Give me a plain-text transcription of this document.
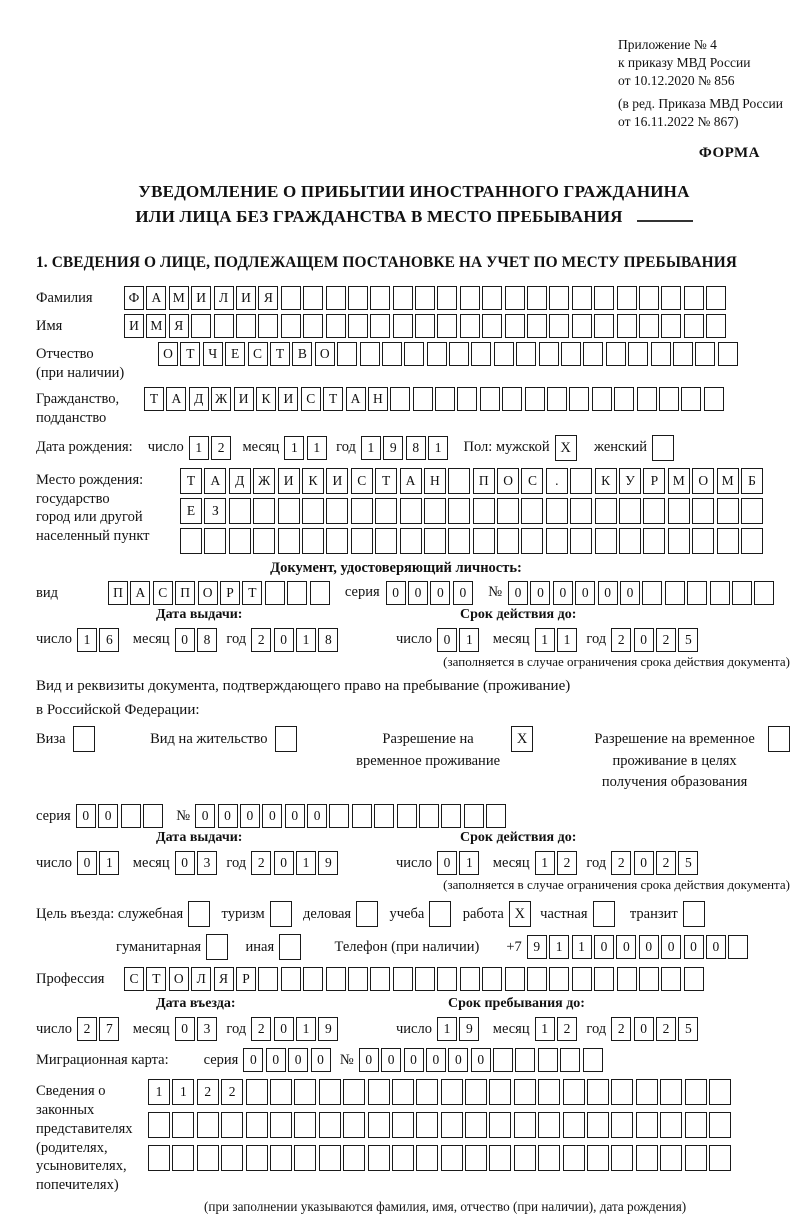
Приложение № 4
к приказу МВД России
от 10.12.2020 № 856
(в ред. Приказа МВД России
от 16.11.2022 № 867)
ФОРМА
УВЕДОМЛЕНИЕ О ПРИБЫТИИ ИНОСТРАННОГО ГРАЖДАНИНА
ИЛИ ЛИЦА БЕЗ ГРАЖДАНСТВА В МЕСТО ПРЕБЫВАНИЯ
1. СВЕДЕНИЯ О ЛИЦЕ, ПОДЛЕЖАЩЕМ ПОСТАНОВКЕ НА УЧЕТ ПО МЕСТУ ПРЕБЫВАНИЯ
Фамилия	Ф А М И Л И Я
Имя	И М Я
Отчество
(при наличии)
О Т	Ч	Е	С	Т	В О
Гражданство,
подданство
Т А Д Ж И К И С	Т А Н
Дата рождения: число 1	2	месяц 1	1	год 1	9	8	1	Пол: мужской X	женский
Место рождения:
государство
город или другой
населенный пункт
Т	А	Д	Ж И	К	И	С	Т	А	Н	П	О	С	.	К	У	Р	М	О	М	Б
Е	З
Документ, удостоверяющий личность:
вид	П А С П О	Р	Т	серия 0	0	0	0	№ 0	0	0	0	0	0
Дата выдачи:	Срок действия до:
число 1	6	месяц 0	8	год 2	0	1	8	число 0	1	месяц 1	1	год 2	0	2	5
(заполняется в случае ограничения срока действия документа)
Вид и реквизиты документа, подтверждающего право на пребывание (проживание)
в Российской Федерации:
Виза	Вид на жительство	Разрешение на временное проживание
X	Разрешение на временное проживание в целях получения образования
серия 0	0	№ 0	0	0	0	0	0
Дата выдачи:	Срок действия до:
число 0	1	месяц 0	3	год 2	0	1	9	число 0	1	месяц 1	2	год 2	0	2	5
(заполняется в случае ограничения срока действия документа)
Цель въезда: служебная	туризм	деловая	учеба	работа X	частная	транзит
гуманитарная	иная	Телефон (при наличии) +7 9	1	1	0	0	0	0	0	0
Профессия	С	Т О Л Я	Р
Дата въезда:	Срок пребывания до:
число 2	7	месяц 0	3	год 2	0	1	9	число 1	9	месяц 1	2	год 2	0	2	5
Миграционная карта: серия 0	0	0	0	№ 0	0	0	0	0	0
Сведения о
законных
представителях
(родителях,
усыновителях,
попечителях)
1	1	2	2
(при заполнении указываются фамилия, имя, отчество (при наличии), дата рождения)
